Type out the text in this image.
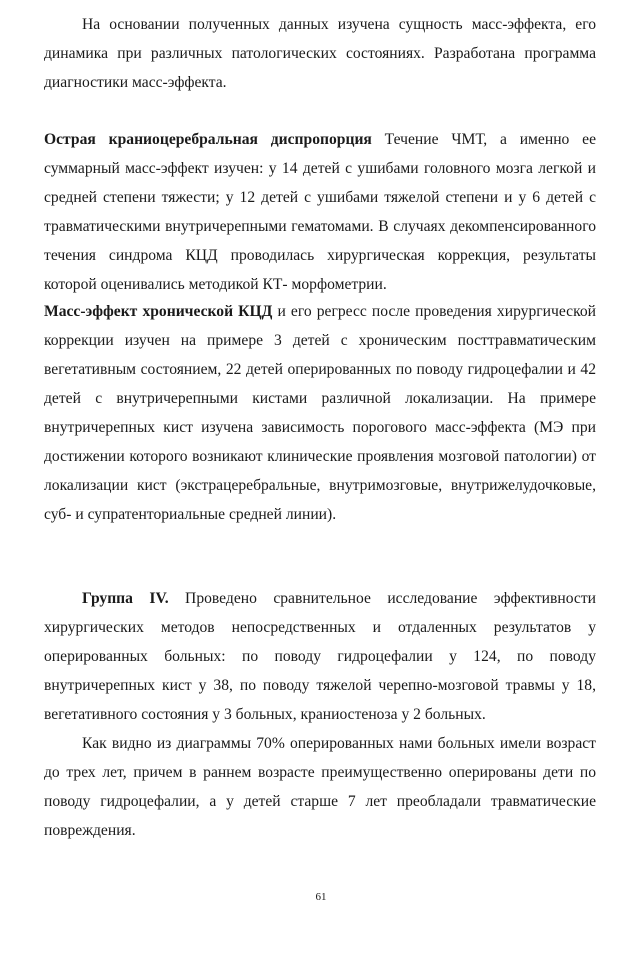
На основании полученных данных изучена сущность масс-эффекта, его динамика при различных патологических состояниях. Разработана программа диагностики масс-эффекта.

Острая краниоцеребральная диспропорция Течение ЧМТ, а именно ее суммарный масс-эффект изучен: у 14 детей с ушибами головного мозга легкой и средней степени тяжести; у 12 детей с ушибами тяжелой степени и у 6 детей с травматическими внутричерепными гематомами. В случаях декомпенсированного течения синдрома КЦД проводилась хирургическая коррекция, результаты которой оценивались методикой КТ- морфометрии.

Масс-эффект хронической КЦД и его регресс после проведения хирургической коррекции изучен на примере 3 детей с хроническим посттравматическим вегетативным состоянием, 22 детей оперированных по поводу гидроцефалии и 42 детей с внутричерепными кистами различной локализации. На примере внутричерепных кист изучена зависимость порогового масс-эффекта (МЭ при достижении которого возникают клинические проявления мозговой патологии) от локализации кист (экстрацеребральные, внутримозговые, внутрижелудочковые, суб- и супратенториальные средней линии).

Группа IV. Проведено сравнительное исследование эффективности хирургических методов непосредственных и отдаленных результатов у оперированных больных: по поводу гидроцефалии у 124, по поводу внутричерепных кист у 38, по поводу тяжелой черепно-мозговой травмы у 18, вегетативного состояния у 3 больных, краниостеноза у 2 больных.

Как видно из диаграммы 70% оперированных нами больных имели возраст до трех лет, причем в раннем возрасте преимущественно оперированы дети по поводу гидроцефалии, а у детей старше 7 лет преобладали травматические повреждения.

61
